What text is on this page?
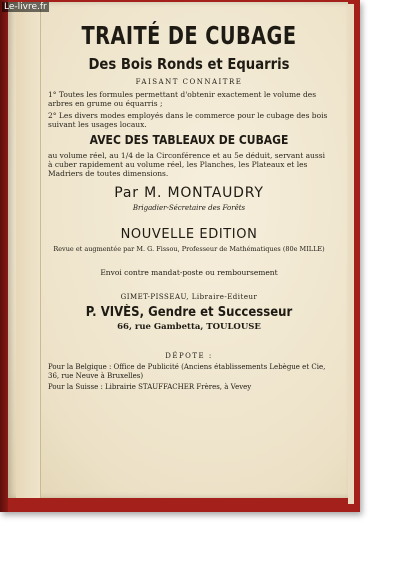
TRAITÉ DE CUBAGE
Des Bois Ronds et Equarris
FAISANT CONNAITRE
1° Toutes les formules permettant d'obtenir exactement le volume des arbres en grume ou équarris ;
2° Les divers modes employés dans le commerce pour le cubage des bois suivant les usages locaux.
AVEC DES TABLEAUX DE CUBAGE
au volume réel, au 1/4 de la Circonférence et au 5e déduit, servant aussi à cuber rapidement au volume réel, les Planches, les Plateaux et les Madriers de toutes dimensions.
Par M. MONTAUDRY
Brigadier-Sécretaire des Forêts
NOUVELLE EDITION
Revue et augmentée par M. G. Fissou, Professeur de Mathématiques (80e MILLE)
Envoi contre mandat-poste ou remboursement
GIMET-PISSEAU, Libraire-Editeur
P. VIVÈS, Gendre et Successeur
66, rue Gambetta, TOULOUSE
DÉPOTE :
Pour la Belgique : Office de Publicité (Anciens établissements Lebègue et Cie, 36, rue Neuve à Bruxelles)
Pour la Suisse : Librairie STAUFFACHER Frères, à Vevey
Le-livre.fr
